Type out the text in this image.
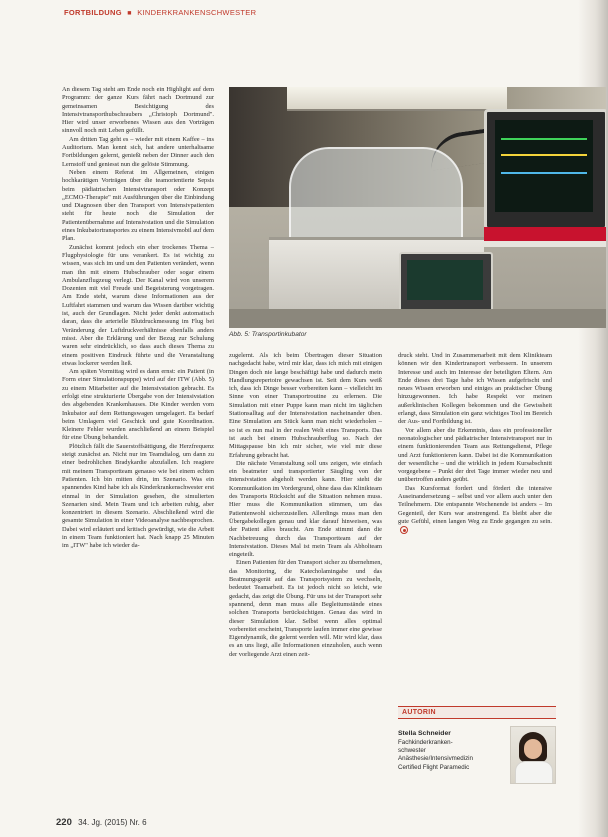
FORTBILDUNG ■ KINDERKRANKENSCHWESTER

An diesem Tag steht am Ende noch ein Highlight auf dem Programm: der ganze Kurs fährt nach Dortmund zur gemeinsamen Besichtigung des Intensivtransporthubschraubers „Christoph Dortmund". Hier wird unser erworbenes Wissen aus den Vorträgen sinnvoll noch mit Leben gefüllt.

Am dritten Tag geht es – wieder mit einem Kaffee – ins Auditorium. Man kennt sich, hat andere unterhaltsame Fortbildungen gelernt, genießt neben der Dinner auch den Lernstoff und geniesst nun die gelöste Stimmung.

Neben einem Referat im Allgemeinen, einigen hochkarätigen Vorträgen über die teamorientierte Sepsis beim pädiatrischen Intensivtransport oder Konzept „ECMO-Therapie" mit Ausführungen über die Einbindung und Diagnosen über den Transport von Intensivpatienten steht für heute noch die Simulation der Patientenübernahme auf Intensivstation und die Simulation eines Inkubatortransportes zu einem Intensivmobil auf dem Plan.

Zunächst kommt jedoch ein eher trockenes Thema – Flugphysiologie für uns verankert. Es ist wichtig zu wissen, was sich im und um den Patienten verändert, wenn man ihn mit einem Hubschrauber oder sogar einem Ambulanzflugzeug verlegt. Der Kanal wird von unserem Dozenten mit viel Freude und Begeisterung vorgetragen. Am Ende steht, warum diese Informationen aus der Luftfahrt stammen und warum das Wissen darüber wichtig ist, auch der Grundlagen. Nicht jeder denkt automatisch daran, dass die arterielle Blutdruckmessung im Flug bei Veränderung der Luftdruckverhältnisse ebenfalls anders misst. Aber die Erklärung und der Bezug zur Schulung waren sehr eindrücklich, so dass auch dieses Thema zu einem positiven Eindruck führte und die Veranstaltung etwas lockerer werden ließ.

Am späten Vormittag wird es dann ernst: ein Patient (in Form einer Simulationspuppe) wird auf der ITW (Abb. 5) zu einem Mitarbeiter auf die Intensivstation gebracht. Es erfolgt eine strukturierte Übergabe von der Intensivstation des abgebenden Krankenhauses. Die Kinder werden vom Inkubator auf dem Rettungswagen umgelagert. Es bedarf beim Umlagern viel Geschick und gute Koordination. Kleinere Fehler wurden anschließend an einem Beispiel für eine Übung behandelt.

Plötzlich fällt die Sauerstoffsättigung, die Herzfrequenz steigt zunächst an. Nicht nur im Teamdialog, um dann zu einer bedrohlichen Bradykardie abzufallen. Ich reagiere mit meinem Transportteam genauso wie bei einem echten Patienten. Ich bin mitten drin, im Szenario. Was ein spannendes Kind habe ich als Kinderkrankenschwester erst einmal in der Simulation gesehen, die simulierten Szenarien sind. Mein Team und ich arbeiten ruhig, aber konzentriert in diesem Szenario. Abschließend wird die gesamte Simulation in einer Videoanalyse nachbesprochen. Dabei wird erläutert und kritisch gewürdigt, wie die Arbeit in einem Team funktioniert hat. Nach knapp 25 Minuten im „ITW" habe ich wieder da-

Abb. 5: Transportinkubator

zugelernt. Als ich beim Übertragen dieser Situation nachgedacht habe, wird mir klar, dass ich mich mit einigen Dingen doch nie lange beschäftigt habe und dadurch mein Handlungsrepertoire gewachsen ist. Seit dem Kurs weiß ich, dass ich Dinge besser vorbereiten kann – vielleicht im Sinne von einer Transportroutine zu erlernen. Die Simulation mit einer Puppe kann man nicht im täglichen Stationsalltag auf der Intensivstation nacheinander üben. Eine Simulation am Stück kann man nicht wiederholen – so ist es nun mal in der realen Welt eines Transports. Das ist auch bei einem Hubschrauberflug so. Nach der Mittagspause bin ich mir sicher, wie viel mir diese Erfahrung gebracht hat.

Die nächste Veranstaltung soll uns zeigen, wie einfach ein beatmeter und transportierter Säugling von der Intensivstation abgeholt werden kann. Hier steht die Kommunikation im Vordergrund, ohne dass das Klinikteam des Transports Rücksicht auf die Situation nehmen muss. Hier muss die Kommunikation stimmen, um das Patientenwohl sicherzustellen. Allerdings muss man den Übergabekollegen genau und klar darauf hinweisen, was der Patient alles braucht. Am Ende stimmt dann die Nachbetreuung durch das Transportteam auf der Intensivstation. Dieses Mal ist mein Team als Abholteam eingeteilt.

Einen Patienten für den Transport sicher zu übernehmen, das Monitoring, die Katecholamingabe und das Beatmungsgerät auf das Transportsystem zu wechseln, bedeutet Teamarbeit. Es ist jedoch nicht so leicht, wie gedacht, das zeigt die Übung. Für uns ist der Transport sehr spannend, denn man muss alle Begleitumstände eines solchen Transports berücksichtigen. Genau das wird in dieser Simulation klar. Selbst wenn alles optimal vorbereitet erscheint, Transporte laufen immer eine gewisse Eigendynamik, die gelernt werden will. Mir wird klar, dass es an uns liegt, alle Informationen einzuholen, auch wenn der vorliegende Arzt einen zeit-

druck steht. Und in Zusammenarbeit mit dem Klinikteam können wir den Kindertransport verbessern. In unserem Interesse und auch im Interesse der beteiligten Eltern. Am Ende dieses drei Tage habe ich Wissen aufgefrischt und neues Wissen erworben und einiges an praktischer Übung hinzugewonnen. Ich habe Respekt vor meinen außerklinischen Kollegen bekommen und die Gewissheit erlangt, dass Simulation ein ganz wichtiges Tool im Bereich der Aus- und Fortbildung ist.

Vor allem aber die Erkenntnis, dass ein professioneller neonatologischer und pädiatrischer Intensivtransport nur in einem funktionierenden Team aus Rettungsdienst, Pflege und Arzt funktionieren kann. Dabei ist die Kommunikation der wesentliche – und die wirklich in jedem Kursabschnitt vorgegebene – Punkt der drei Tage immer wieder neu und unübertroffen anders geübt.

Das Kursformat fordert und fördert die intensive Auseinandersetzung – selbst und vor allem auch unter den Teilnehmern. Die entspannte Wochenende ist anders – Im Gegenteil, der Kurs war anstrengend. Es bleibt aber die gute Gefühl, einen langen Weg zu Ende gegangen zu sein.

AUTORIN
Stella Schneider
Fachkinderkranken-
schwester
Anästhesie/Intensivmedizin
Certified Flight Paramedic
220 34. Jg. (2015) Nr. 6
